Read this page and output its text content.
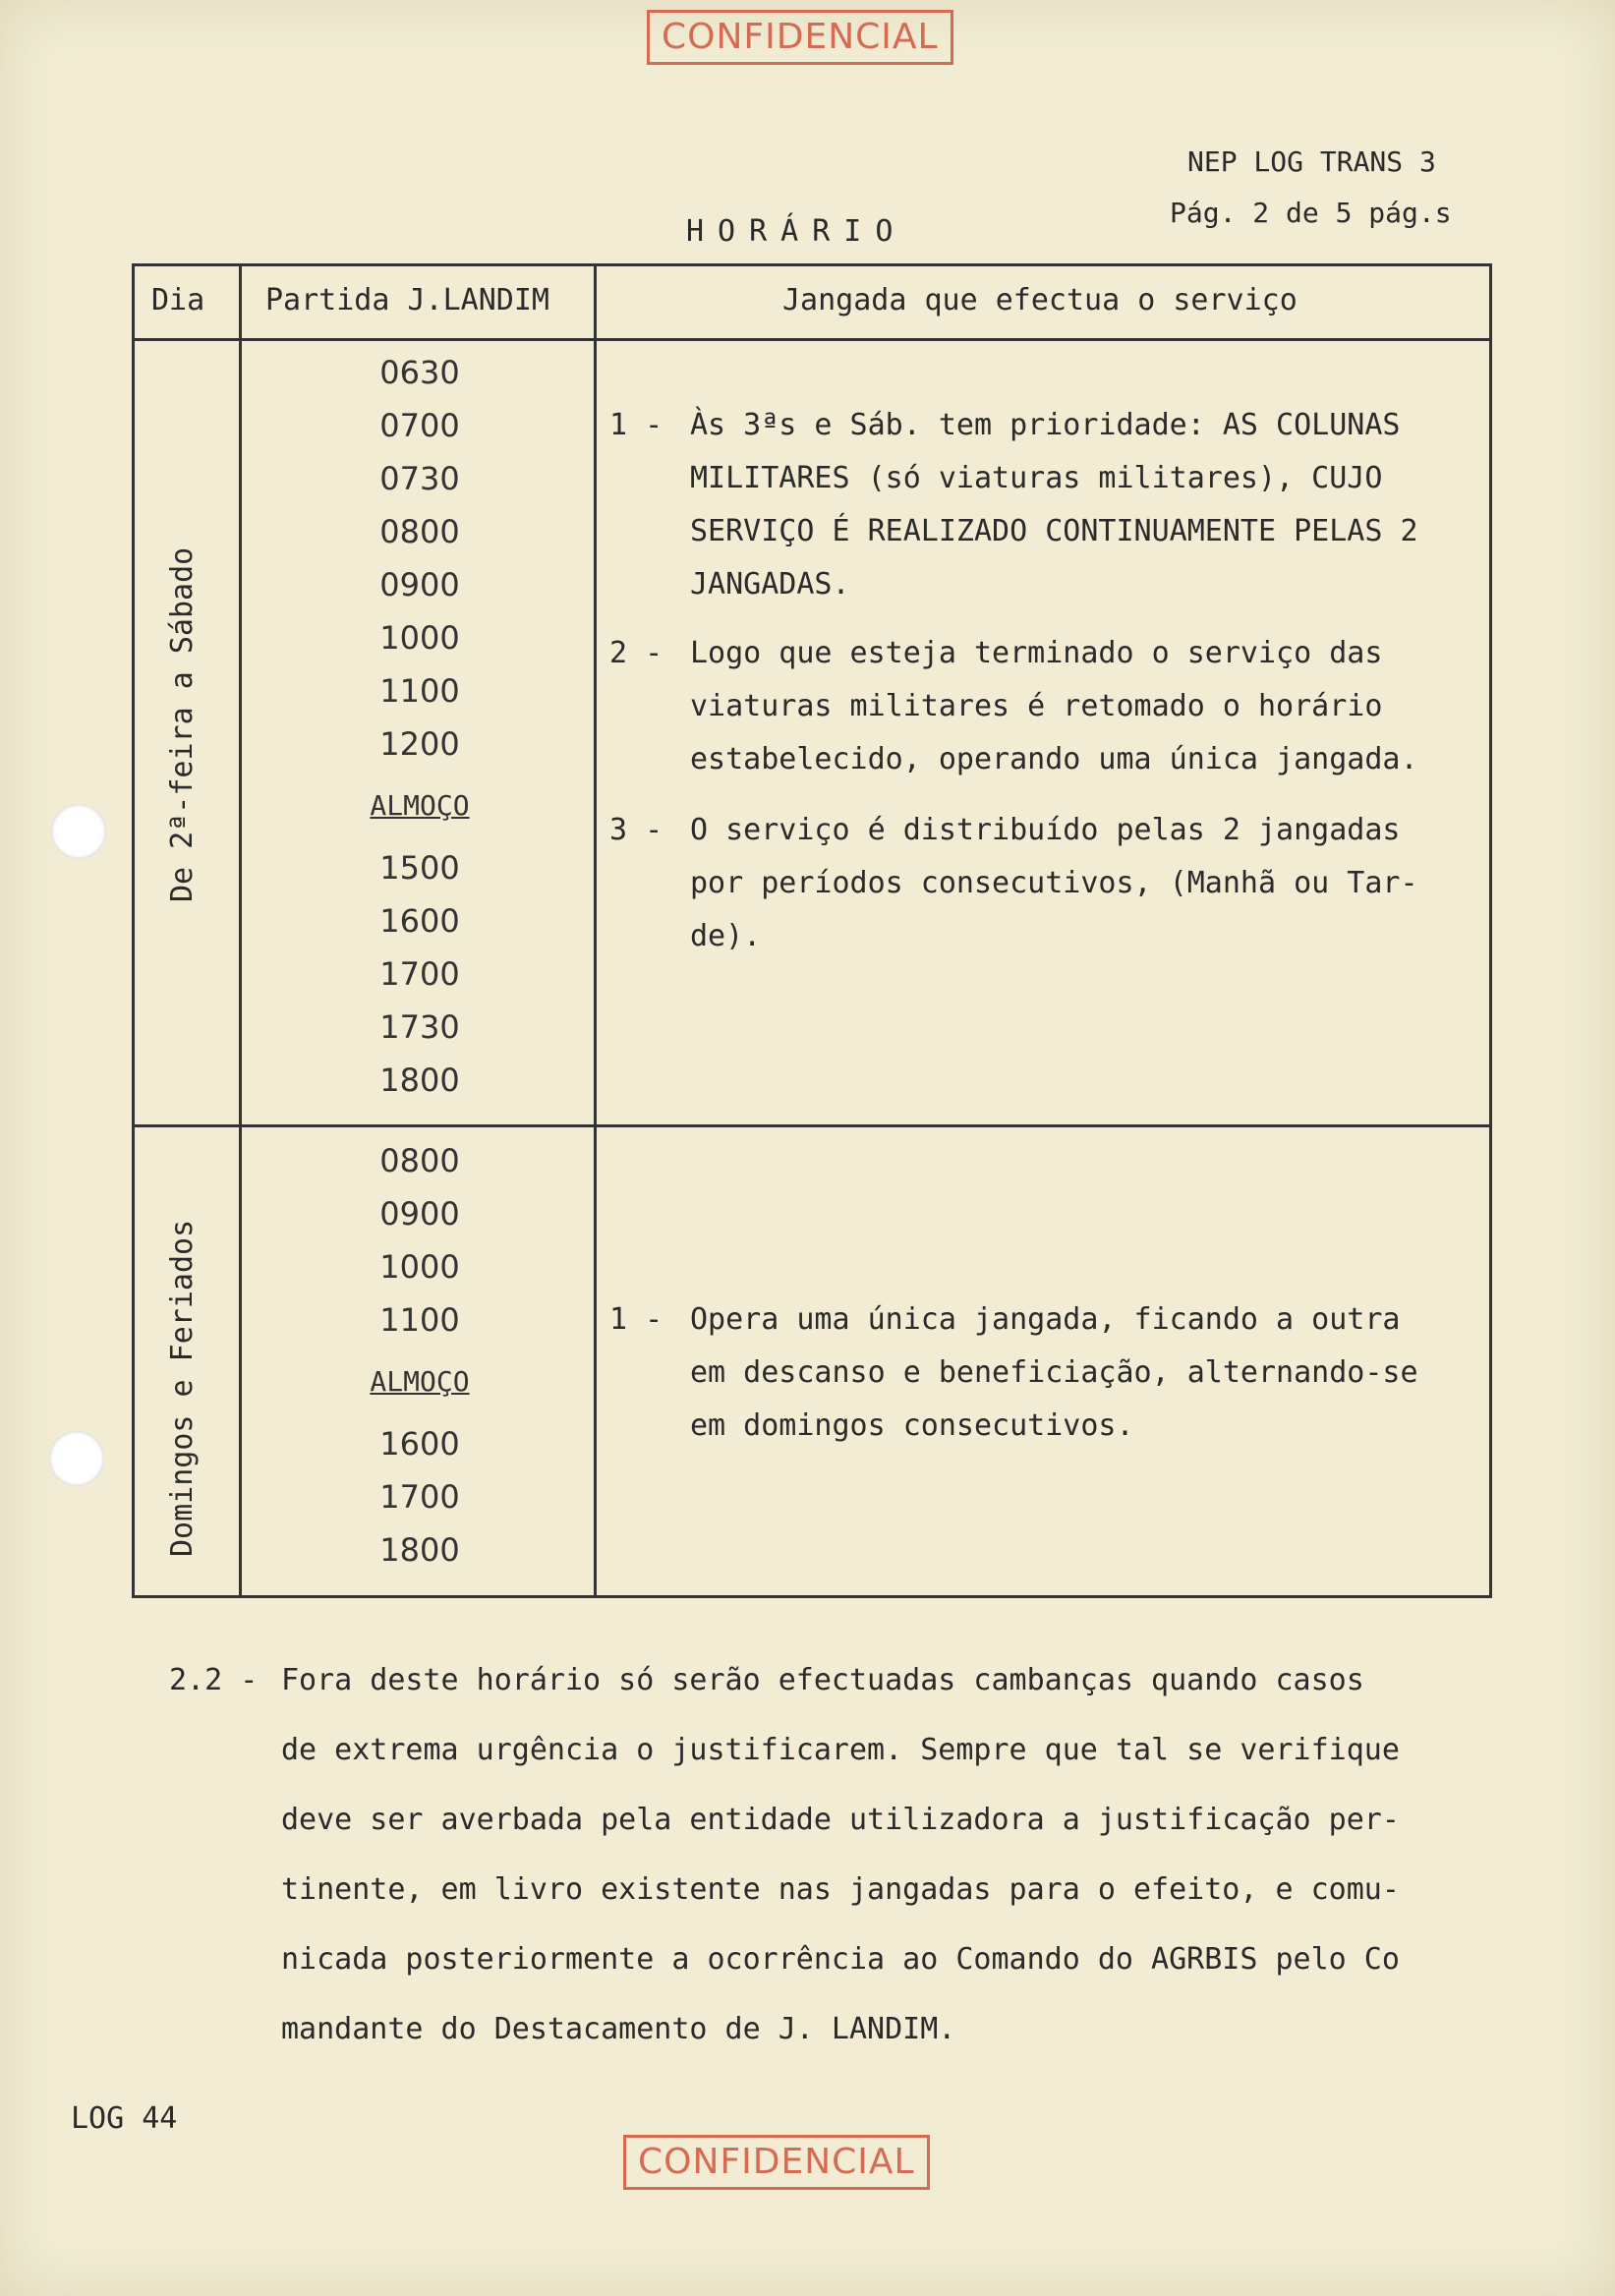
CONFIDENCIAL
NEP LOG TRANS 3
Pág. 2 de 5 pág.s
HORÁRIO
Dia Partida J.LANDIM	Jangada que efectua o serviço
De 2ª-feira a Sábado
0630
0700
0730
0800
0900
1000
1100
1200
ALMOÇO
1500
1600
1700
1730
1800
1 - Às 3ªs e Sáb. tem prioridade: AS COLUNAS
MILITARES (só viaturas militares), CUJO
SERVIÇO É REALIZADO CONTINUAMENTE PELAS 2
JANGADAS.
2 - Logo que esteja terminado o serviço das
viaturas militares é retomado o horário
estabelecido, operando uma única jangada.
3 - O serviço é distribuído pelas 2 jangadas
por períodos consecutivos, (Manhã ou Tar-
de).
Domingos e Feriados
0800
0900
1000
1100
ALMOÇO
1600
1700
1800
1 - Opera uma única jangada, ficando a outra
em descanso e beneficiação, alternando-se
em domingos consecutivos.
2.2 - Fora deste horário só serão efectuadas cambanças quando casos
de extrema urgência o justificarem. Sempre que tal se verifique
deve ser averbada pela entidade utilizadora a justificação per-
tinente, em livro existente nas jangadas para o efeito, e comu-
nicada posteriormente a ocorrência ao Comando do AGRBIS pelo Co
mandante do Destacamento de J. LANDIM.
LOG 44
CONFIDENCIAL
